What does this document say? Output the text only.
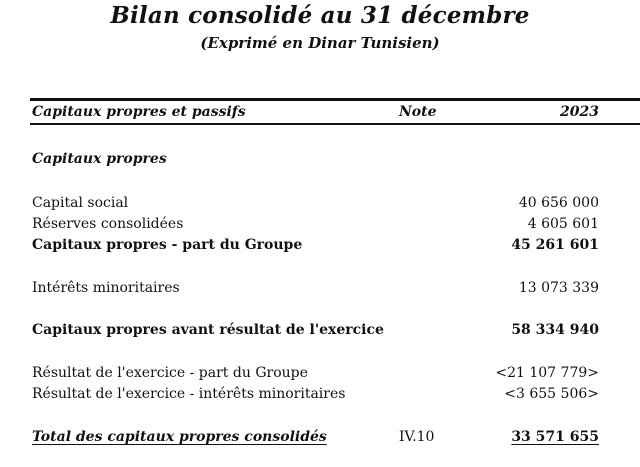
Bilan consolidé au 31 décembre
(Exprimé en Dinar Tunisien)
Capitaux propres et passifs	Note	2023
Capitaux propres
Capital social	40 656 000
Réserves consolidées	4 605 601
Capitaux propres - part du Groupe	45 261 601
Intérêts minoritaires	13 073 339
Capitaux propres avant résultat de l'exercice	58 334 940
Résultat de l'exercice - part du Groupe	<21 107 779>
Résultat de l'exercice - intérêts minoritaires	<3 655 506>
Total des capitaux propres consolidés	IV.10	33 571 655
